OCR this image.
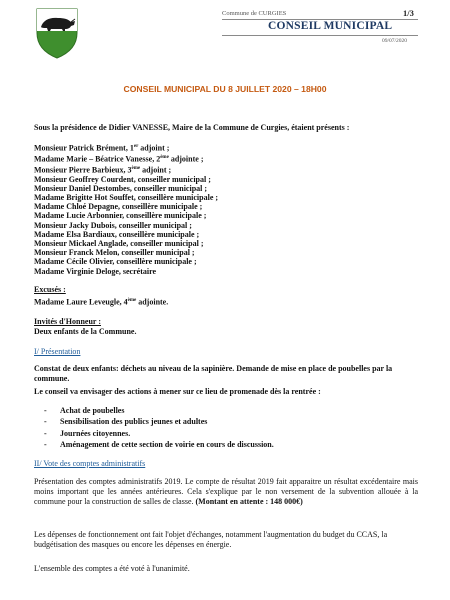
Commune de CURGIES	1/3
CONSEIL MUNICIPAL
09/07/2020
CONSEIL MUNICIPAL DU 8 JUILLET 2020 – 18H00
Sous la présidence de Didier VANESSE, Maire de la Commune de Curgies, étaient présents :
Monsieur Patrick Brément, 1er adjoint ;
Madame Marie – Béatrice Vanesse, 2ème adjointe ;
Monsieur Pierre Barbieux, 3ème adjoint ;
Monsieur Geoffrey Courdent, conseiller municipal ;
Monsieur Daniel Destombes, conseiller municipal ;
Madame Brigitte Hot Souffet, conseillère municipale ;
Madame Chloé Depagne, conseillère municipale ;
Madame Lucie Arbonnier, conseillère municipale ;
Monsieur Jacky Dubois, conseiller municipal ;
Madame Elsa Bardiaux, conseillère municipale ;
Monsieur Mickael Anglade, conseiller municipal ;
Monsieur Franck Melon, conseiller municipal ;
Madame Cécile Olivier, conseillère municipale ;
Madame Virginie Deloge, secrétaire
Excusés :
Madame Laure Leveugle, 4ème adjointe.
Invités d'Honneur :
Deux enfants de la Commune.
I/ Présentation
Constat de deux enfants: déchets au niveau de la sapinière. Demande de mise en place de poubelles par la commune.
Le conseil va envisager des actions à mener sur ce lieu de promenade dès la rentrée :
-	Achat de poubelles
-	Sensibilisation des publics jeunes et adultes
-	Journées citoyennes.
-	Aménagement de cette section de voirie en cours de discussion.
II/ Vote des comptes administratifs
Présentation des comptes administratifs 2019. Le compte de résultat 2019 fait apparaitre un résultat excédentaire mais moins important que les années antérieures. Cela s'explique par le non versement de la subvention allouée à la commune pour la construction de salles de classe. (Montant en attente : 148 000€)
Les dépenses de fonctionnement ont fait l'objet d'échanges, notamment l'augmentation du budget du CCAS, la budgétisation des masques ou encore les dépenses en énergie.
L'ensemble des comptes a été voté à l'unanimité.
